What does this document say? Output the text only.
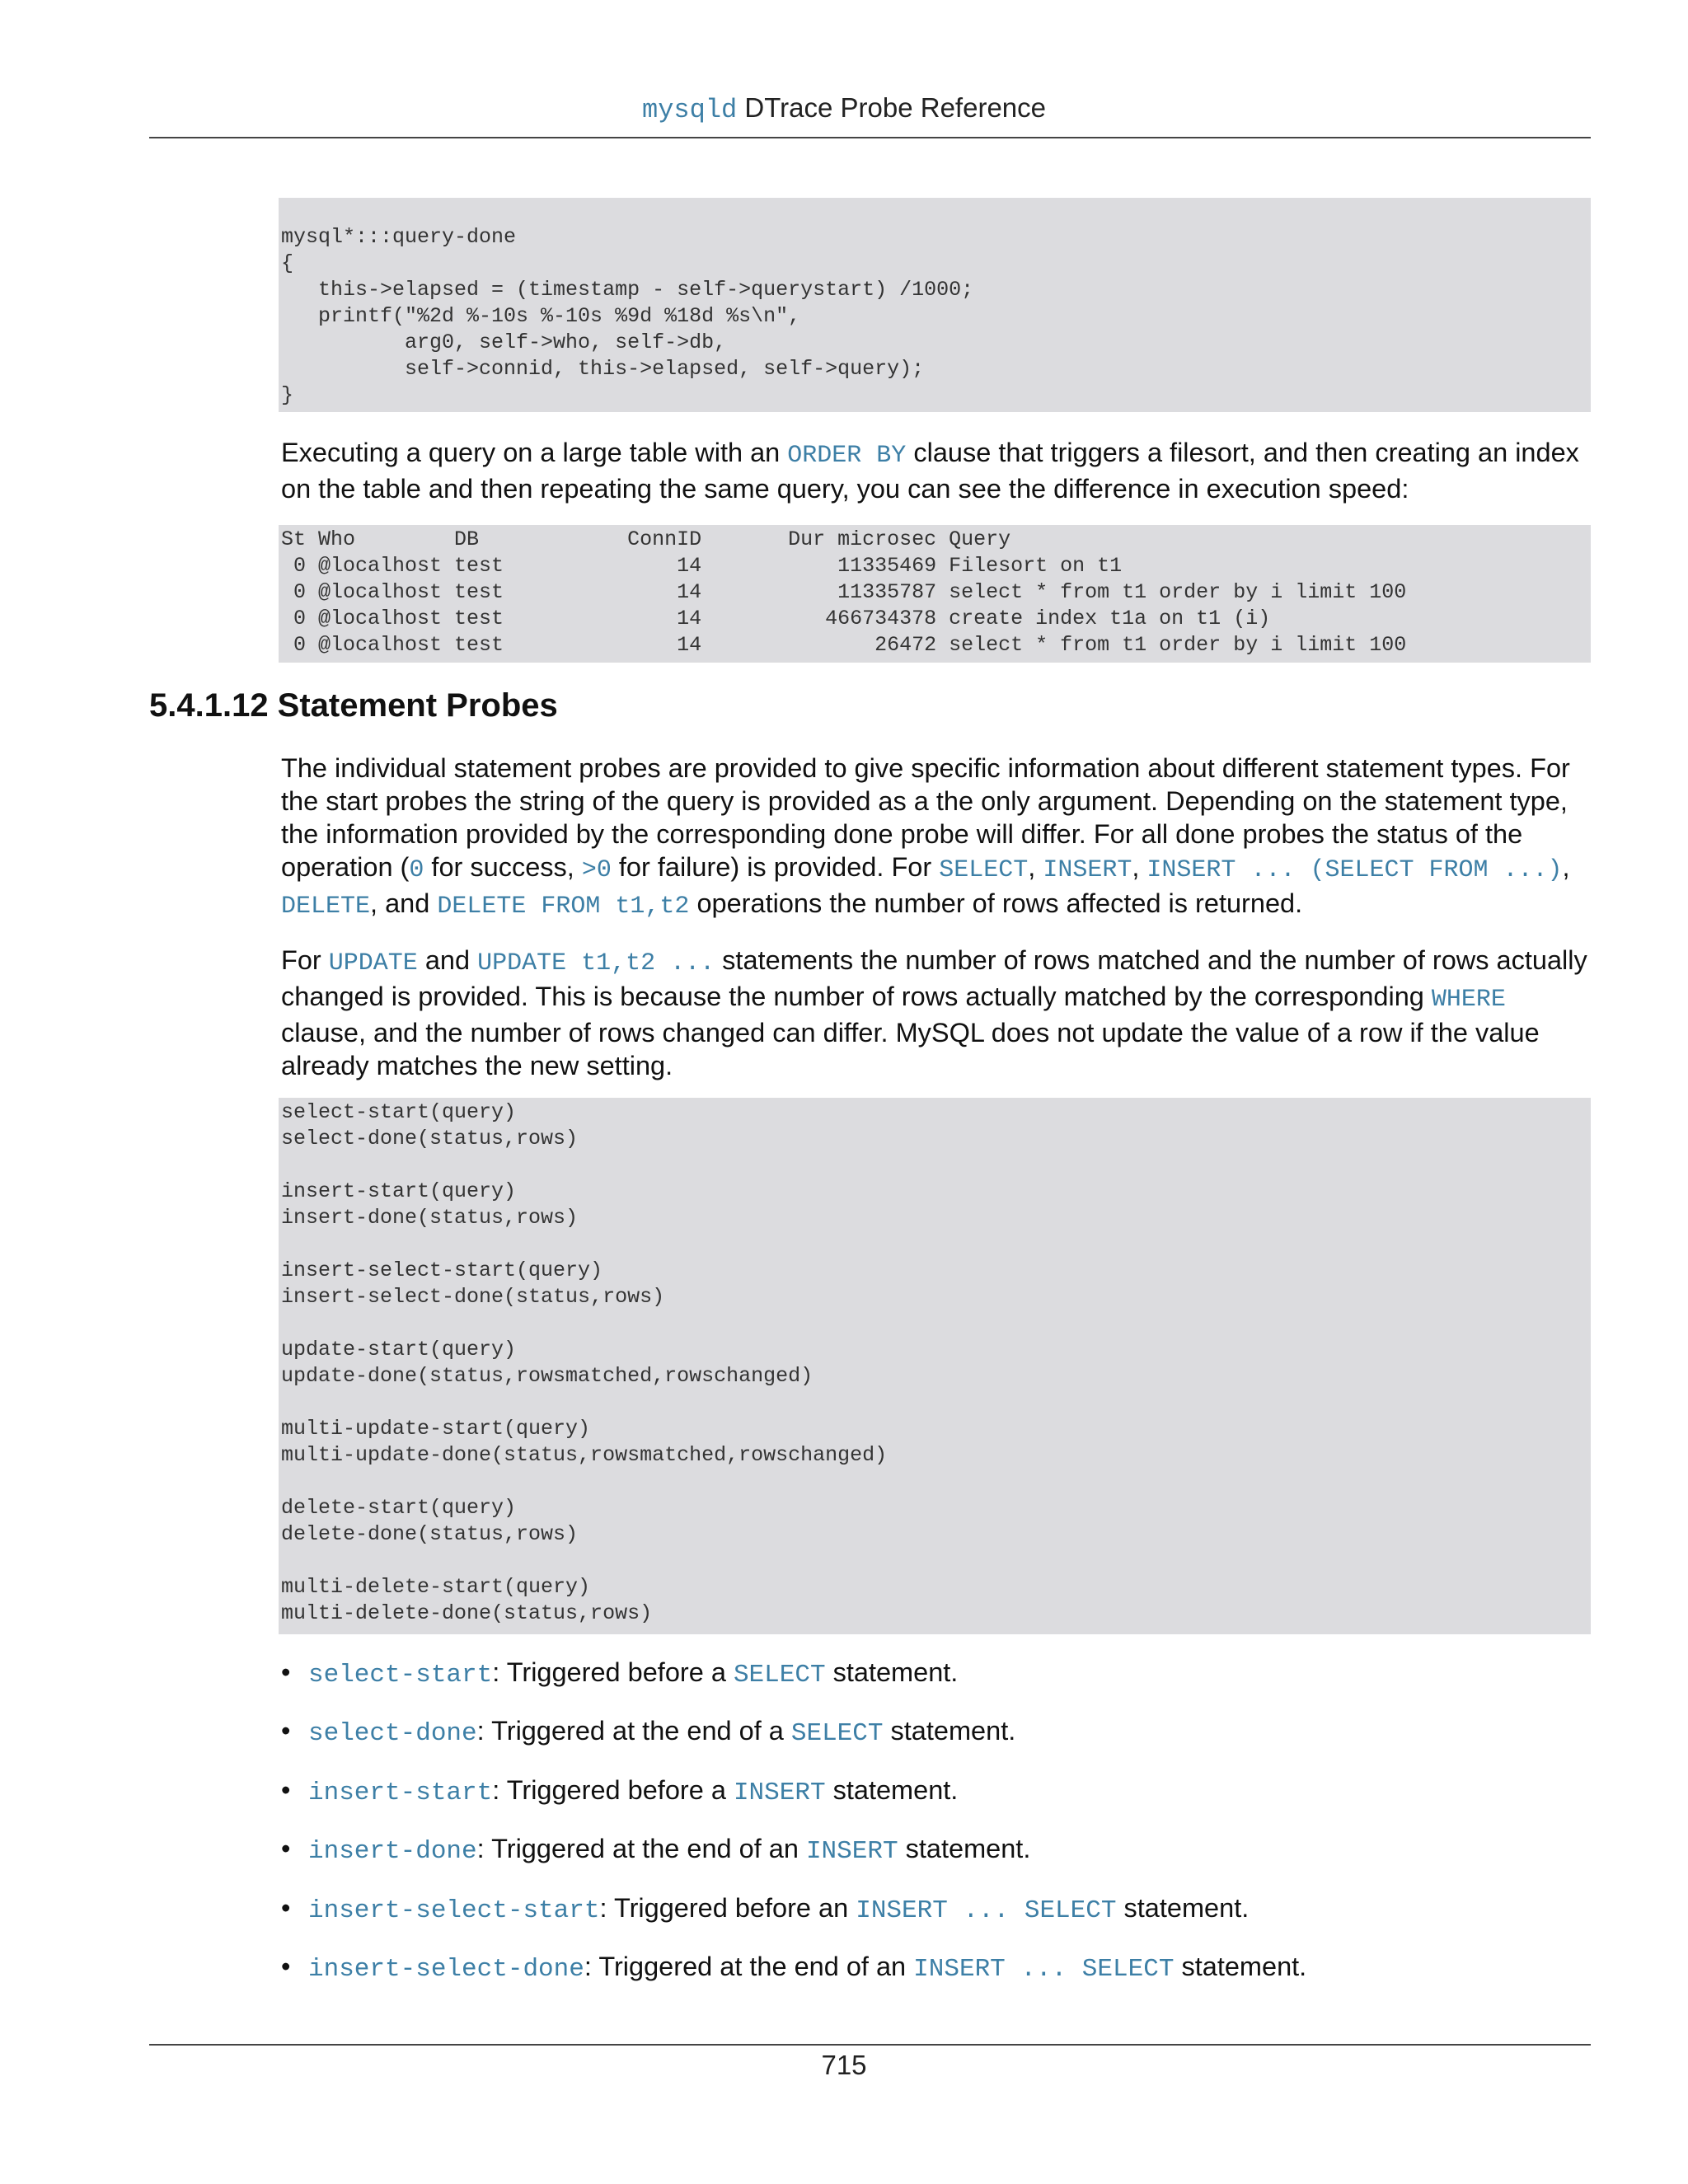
mysqld DTrace Probe Reference
mysql*:::query-done
{
this->elapsed = (timestamp - self->querystart) /1000;
printf("%2d %-10s %-10s %9d %18d %s\n",
arg0, self->who, self->db,
self->connid, this->elapsed, self->query);
}

Executing a query on a large table with an ORDER BY clause that triggers a filesort, and then creating an index on the table and then repeating the same query, you can see the difference in execution speed:

St Who        DB            ConnID       Dur microsec Query
0 @localhost test              14           11335469 Filesort on t1
0 @localhost test              14           11335787 select * from t1 order by i limit 100
0 @localhost test              14          466734378 create index t1a on t1 (i)
0 @localhost test              14              26472 select * from t1 order by i limit 100
5.4.1.12 Statement Probes

The individual statement probes are provided to give specific information about different statement types. For the start probes the string of the query is provided as a the only argument. Depending on the statement type, the information provided by the corresponding done probe will differ. For all done probes the status of the operation (0 for success, >0 for failure) is provided. For SELECT, INSERT, INSERT ... (SELECT FROM ...), DELETE, and DELETE FROM t1,t2 operations the number of rows affected is returned.

For UPDATE and UPDATE t1,t2 ... statements the number of rows matched and the number of rows actually changed is provided. This is because the number of rows actually matched by the corresponding WHERE clause, and the number of rows changed can differ. MySQL does not update the value of a row if the value already matches the new setting.

select-start(query)
select-done(status,rows)

insert-start(query)
insert-done(status,rows)

insert-select-start(query)
insert-select-done(status,rows)

update-start(query)
update-done(status,rowsmatched,rowschanged)

multi-update-start(query)
multi-update-done(status,rowsmatched,rowschanged)

delete-start(query)
delete-done(status,rows)

multi-delete-start(query)
multi-delete-done(status,rows)
• select-start: Triggered before a SELECT statement.
• select-done: Triggered at the end of a SELECT statement.
• insert-start: Triggered before a INSERT statement.
• insert-done: Triggered at the end of an INSERT statement.
• insert-select-start: Triggered before an INSERT ... SELECT statement.
• insert-select-done: Triggered at the end of an INSERT ... SELECT statement.
715
